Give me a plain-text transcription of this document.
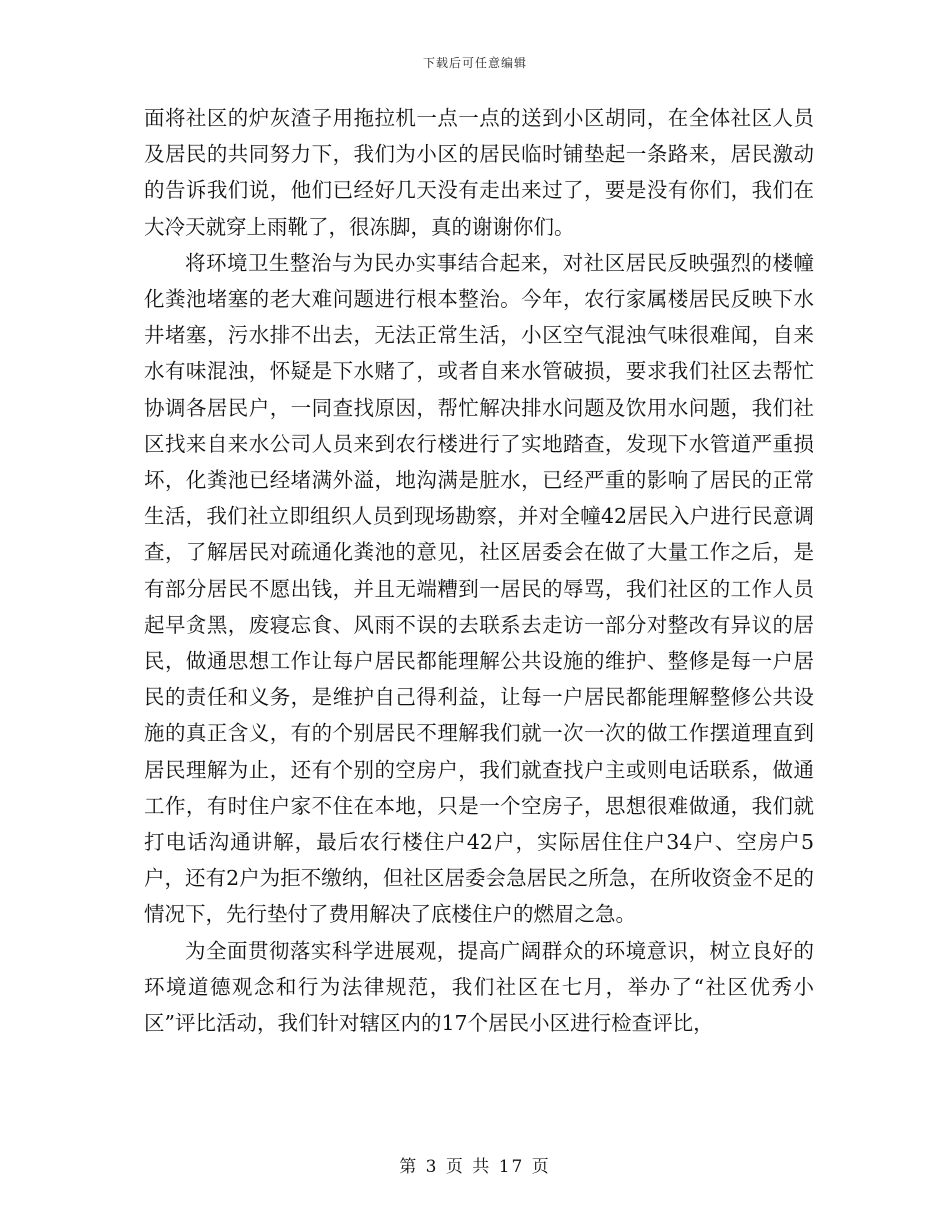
下载后可任意编辑

面将社区的炉灰渣子用拖拉机一点一点的送到小区胡同，在全体社区人员及居民的共同努力下，我们为小区的居民临时铺垫起一条路来，居民激动的告诉我们说，他们已经好几天没有走出来过了，要是没有你们，我们在大冷天就穿上雨靴了，很冻脚，真的谢谢你们。

将环境卫生整治与为民办实事结合起来，对社区居民反映强烈的楼幢化粪池堵塞的老大难问题进行根本整治。今年，农行家属楼居民反映下水井堵塞，污水排不出去，无法正常生活，小区空气混浊气味很难闻，自来水有味混浊，怀疑是下水赌了，或者自来水管破损，要求我们社区去帮忙协调各居民户，一同查找原因，帮忙解决排水问题及饮用水问题，我们社区找来自来水公司人员来到农行楼进行了实地踏查，发现下水管道严重损坏，化粪池已经堵满外溢，地沟满是脏水，已经严重的影响了居民的正常生活，我们社立即组织人员到现场勘察，并对全幢42居民入户进行民意调查，了解居民对疏通化粪池的意见，社区居委会在做了大量工作之后，是有部分居民不愿出钱，并且无端糟到一居民的辱骂，我们社区的工作人员起早贪黑，废寝忘食、风雨不误的去联系去走访一部分对整改有异议的居民，做通思想工作让每户居民都能理解公共设施的维护、整修是每一户居民的责任和义务，是维护自己得利益，让每一户居民都能理解整修公共设施的真正含义，有的个别居民不理解我们就一次一次的做工作摆道理直到居民理解为止，还有个别的空房户，我们就查找户主或则电话联系，做通工作，有时住户家不住在本地，只是一个空房子，思想很难做通，我们就打电话沟通讲解，最后农行楼住户42户，实际居住住户34户、空房户5户，还有2户为拒不缴纳，但社区居委会急居民之所急，在所收资金不足的情况下，先行垫付了费用解决了底楼住户的燃眉之急。

为全面贯彻落实科学进展观，提高广阔群众的环境意识，树立良好的环境道德观念和行为法律规范，我们社区在七月，举办了“社区优秀小区”评比活动，我们针对辖区内的17个居民小区进行检查评比，

第 3 页 共 17 页
